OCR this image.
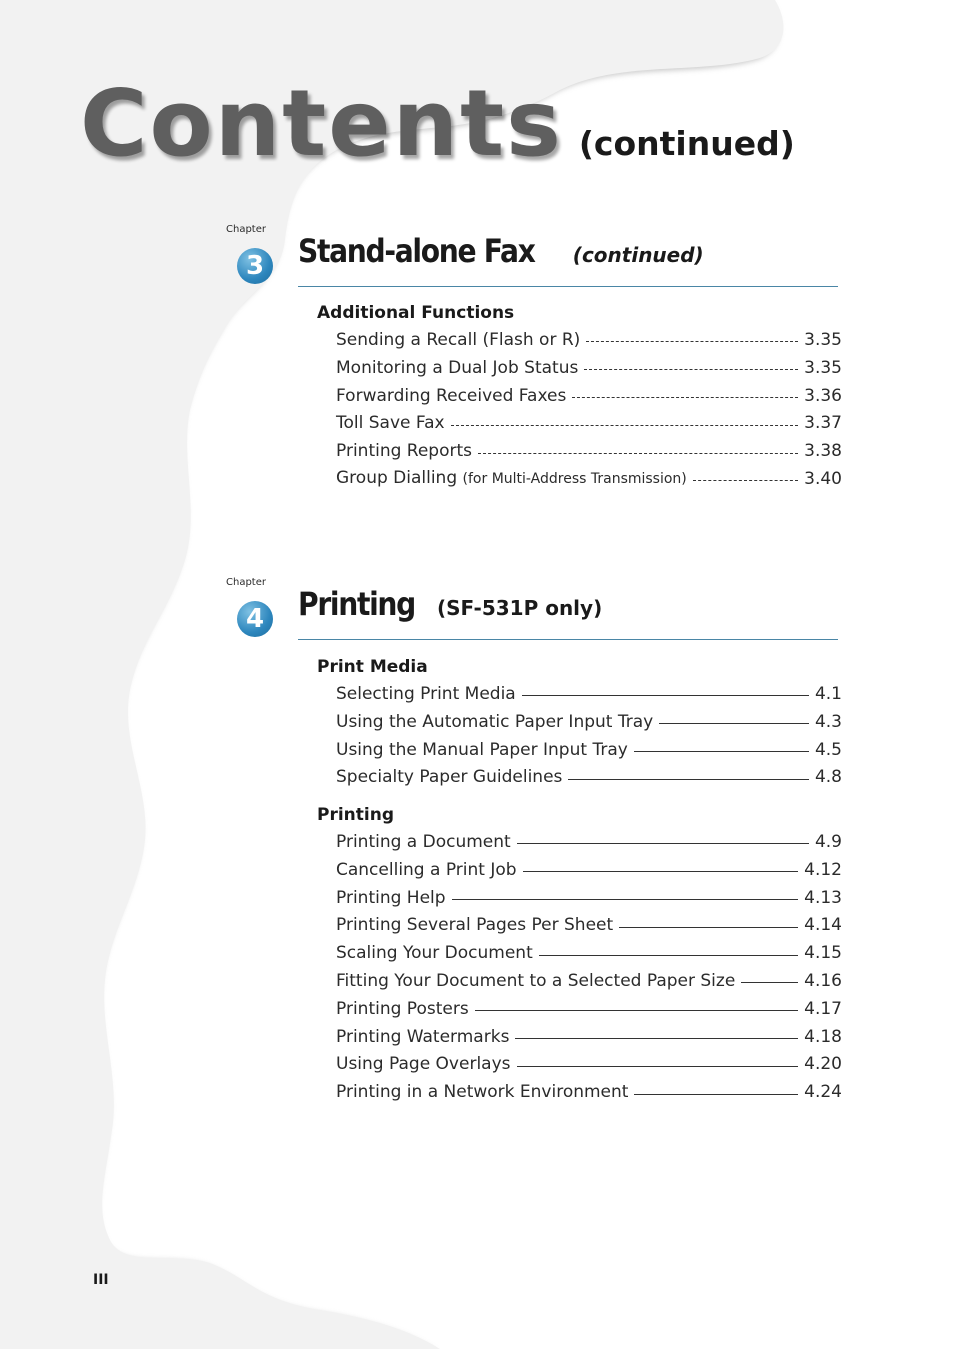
Contents (continued)
Chapter
3 Stand-alone Fax (continued)
Additional Functions
Sending a Recall (Flash or R)	3.35
Monitoring a Dual Job Status	3.35
Forwarding Received Faxes	3.36
Toll Save Fax	3.37
Printing Reports	3.38
Group Dialling (for Multi-Address Transmission)	3.40
Chapter
4 Printing (SF-531P only)
Print Media
Selecting Print Media	4.1
Using the Automatic Paper Input Tray	4.3
Using the Manual Paper Input Tray	4.5
Specialty Paper Guidelines	4.8
Printing
Printing a Document	4.9
Cancelling a Print Job	4.12
Printing Help	4.13
Printing Several Pages Per Sheet	4.14
Scaling Your Document	4.15
Fitting Your Document to a Selected Paper Size	4.16
Printing Posters	4.17
Printing Watermarks	4.18
Using Page Overlays	4.20
Printing in a Network Environment	4.24
III
